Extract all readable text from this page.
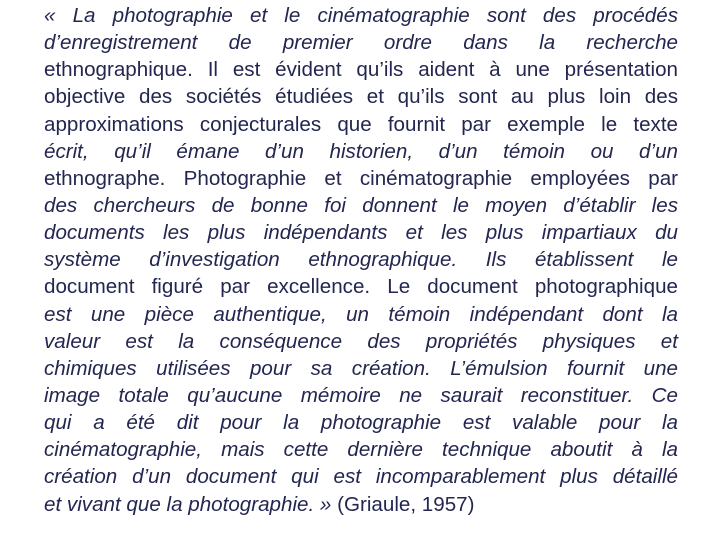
« La photographie et le cinématographie sont des procédés
d’enregistrement de premier ordre dans la recherche
ethnographique. Il est évident qu’ils aident à une présentation
objective des sociétés étudiées et qu’ils sont au plus loin des
approximations conjecturales que fournit par exemple le texte
écrit, qu’il émane d’un historien, d’un témoin ou d’un
ethnographe. Photographie et cinématographie employées par
des chercheurs de bonne foi donnent le moyen d’établir les
documents les plus indépendants et les plus impartiaux du
système d’investigation ethnographique. Ils établissent le
document figuré par excellence. Le document photographique
est une pièce authentique, un témoin indépendant dont la
valeur est la conséquence des propriétés physiques et
chimiques utilisées pour sa création. L’émulsion fournit une
image totale qu’aucune mémoire ne saurait reconstituer. Ce
qui a été dit pour la photographie est valable pour la
cinématographie, mais cette dernière technique aboutit à la
création d’un document qui est incomparablement plus détaillé
et vivant que la photographie. » (Griaule, 1957)
